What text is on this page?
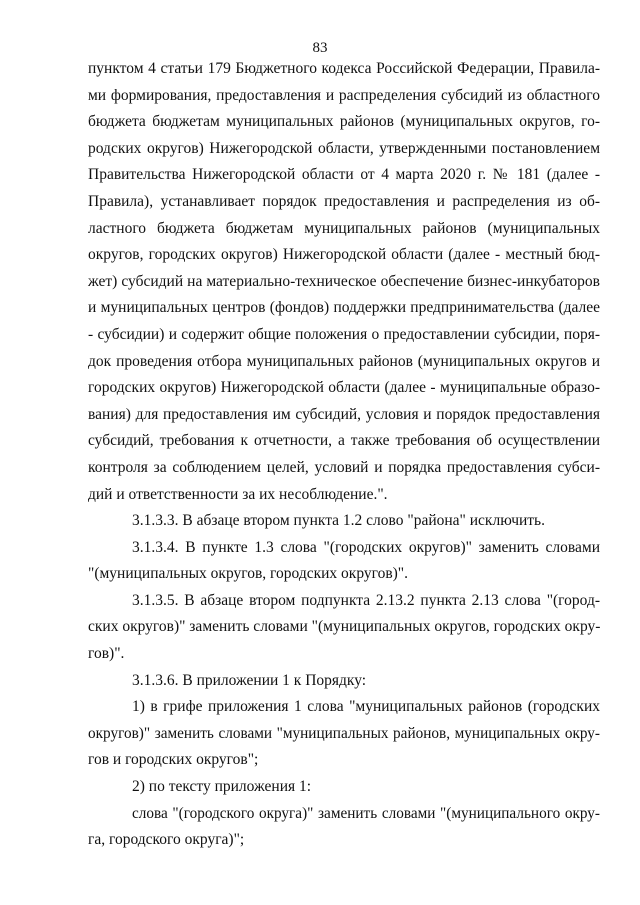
83
пунктом 4 статьи 179 Бюджетного кодекса Российской Федерации, Правила-
ми формирования, предоставления и распределения субсидий из областного
бюджета бюджетам муниципальных районов (муниципальных округов, го-
родских округов) Нижегородской области, утвержденными постановлением
Правительства Нижегородской области от 4 марта 2020 г. № 181 (далее -
Правила), устанавливает порядок предоставления и распределения из об-
ластного бюджета бюджетам муниципальных районов (муниципальных
округов, городских округов) Нижегородской области (далее - местный бюд-
жет) субсидий на материально-техническое обеспечение бизнес-инкубаторов
и муниципальных центров (фондов) поддержки предпринимательства (далее
- субсидии) и содержит общие положения о предоставлении субсидии, поря-
док проведения отбора муниципальных районов (муниципальных округов и
городских округов) Нижегородской области (далее - муниципальные образо-
вания) для предоставления им субсидий, условия и порядок предоставления
субсидий, требования к отчетности, а также требования об осуществлении
контроля за соблюдением целей, условий и порядка предоставления субси-
дий и ответственности за их несоблюдение.".
3.1.3.3. В абзаце втором пункта 1.2 слово "района" исключить.
3.1.3.4. В пункте 1.3 слова "(городских округов)" заменить словами
"(муниципальных округов, городских округов)".
3.1.3.5. В абзаце втором подпункта 2.13.2 пункта 2.13 слова "(город-
ских округов)" заменить словами "(муниципальных округов, городских окру-
гов)".
3.1.3.6. В приложении 1 к Порядку:
1) в грифе приложения 1 слова "муниципальных районов (городских
округов)" заменить словами "муниципальных районов, муниципальных окру-
гов и городских округов";
2) по тексту приложения 1:
слова "(городского округа)" заменить словами "(муниципального окру-
га, городского округа)";
